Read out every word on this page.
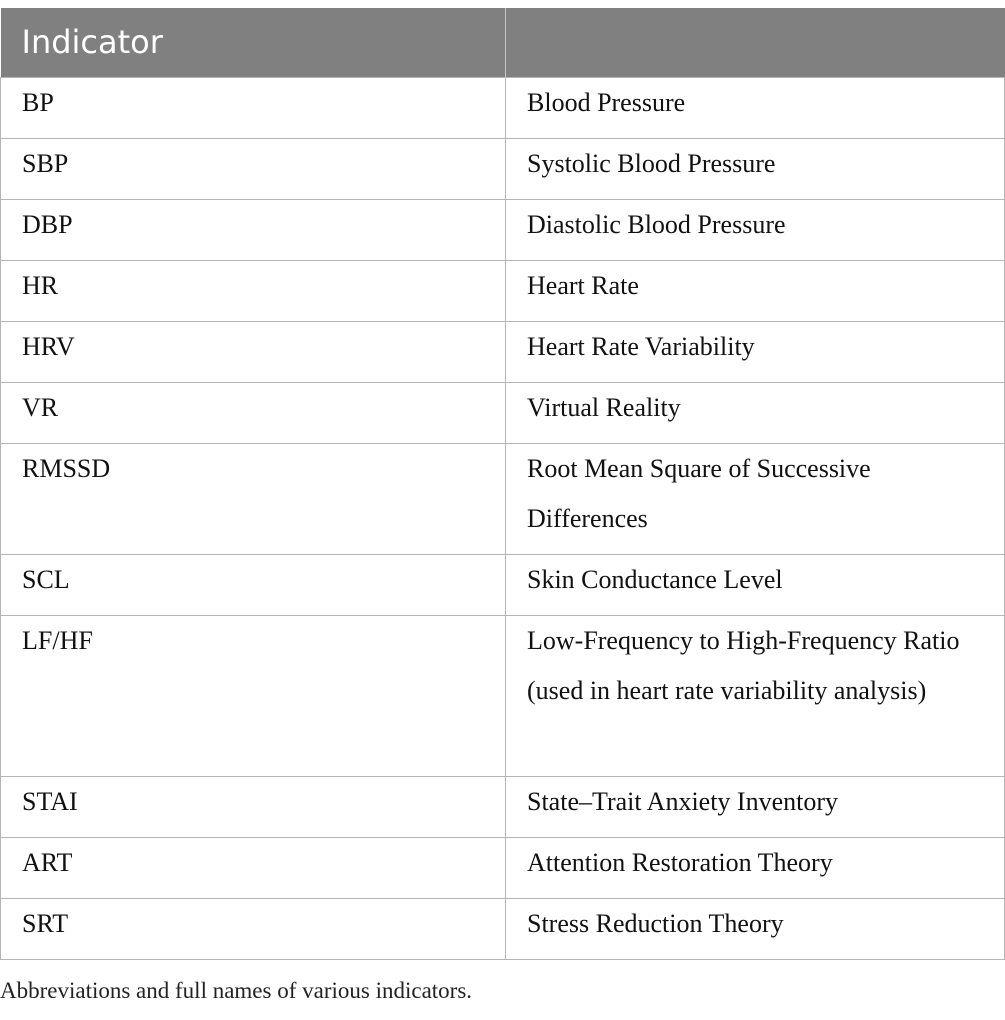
Indicator	

BP	Blood Pressure

SBP	Systolic Blood Pressure

DBP	Diastolic Blood Pressure

HR	Heart Rate

HRV	Heart Rate Variability

VR	Virtual Reality

RMSSD	Root Mean Square of Successive Differences

SCL	Skin Conductance Level

LF/HF	Low-Frequency to High-Frequency Ratio (used in heart rate variability analysis)

STAI	State–Trait Anxiety Inventory

ART	Attention Restoration Theory

SRT	Stress Reduction Theory
Abbreviations and full names of various indicators.
